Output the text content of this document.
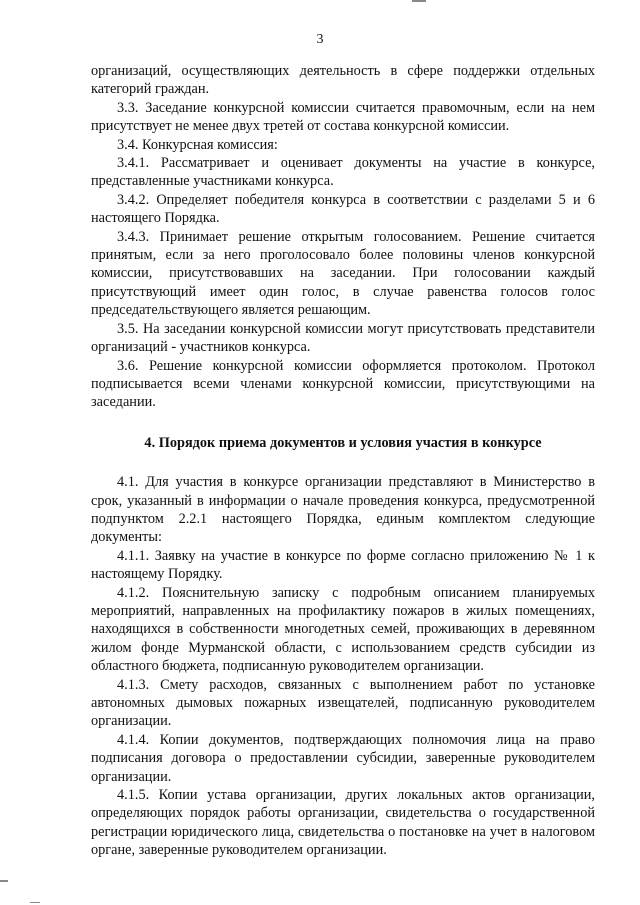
3

организаций, осуществляющих деятельность в сфере поддержки отдельных категорий граждан.

3.3. Заседание конкурсной комиссии считается правомочным, если на нем присутствует не менее двух третей от состава конкурсной комиссии.

3.4. Конкурсная комиссия:

3.4.1. Рассматривает и оценивает документы на участие в конкурсе, представленные участниками конкурса.

3.4.2. Определяет победителя конкурса в соответствии с разделами 5 и 6 настоящего Порядка.

3.4.3. Принимает решение открытым голосованием. Решение считается принятым, если за него проголосовало более половины членов конкурсной комиссии, присутствовавших на заседании. При голосовании каждый присутствующий имеет один голос, в случае равенства голосов голос председательствующего является решающим.

3.5. На заседании конкурсной комиссии могут присутствовать представители организаций - участников конкурса.

3.6. Решение конкурсной комиссии оформляется протоколом. Протокол подписывается всеми членами конкурсной комиссии, присутствующими на заседании.

4. Порядок приема документов и условия участия в конкурсе

4.1. Для участия в конкурсе организации представляют в Министерство в срок, указанный в информации о начале проведения конкурса, предусмотренной подпунктом 2.2.1 настоящего Порядка, единым комплектом следующие документы:

4.1.1. Заявку на участие в конкурсе по форме согласно приложению № 1 к настоящему Порядку.

4.1.2. Пояснительную записку с подробным описанием планируемых мероприятий, направленных на профилактику пожаров в жилых помещениях, находящихся в собственности многодетных семей, проживающих в деревянном жилом фонде Мурманской области, с использованием средств субсидии из областного бюджета, подписанную руководителем организации.

4.1.3. Смету расходов, связанных с выполнением работ по установке автономных дымовых пожарных извещателей, подписанную руководителем организации.

4.1.4. Копии документов, подтверждающих полномочия лица на право подписания договора о предоставлении субсидии, заверенные руководителем организации.

4.1.5. Копии устава организации, других локальных актов организации, определяющих порядок работы организации, свидетельства о государственной регистрации юридического лица, свидетельства о постановке на учет в налоговом органе, заверенные руководителем организации.
